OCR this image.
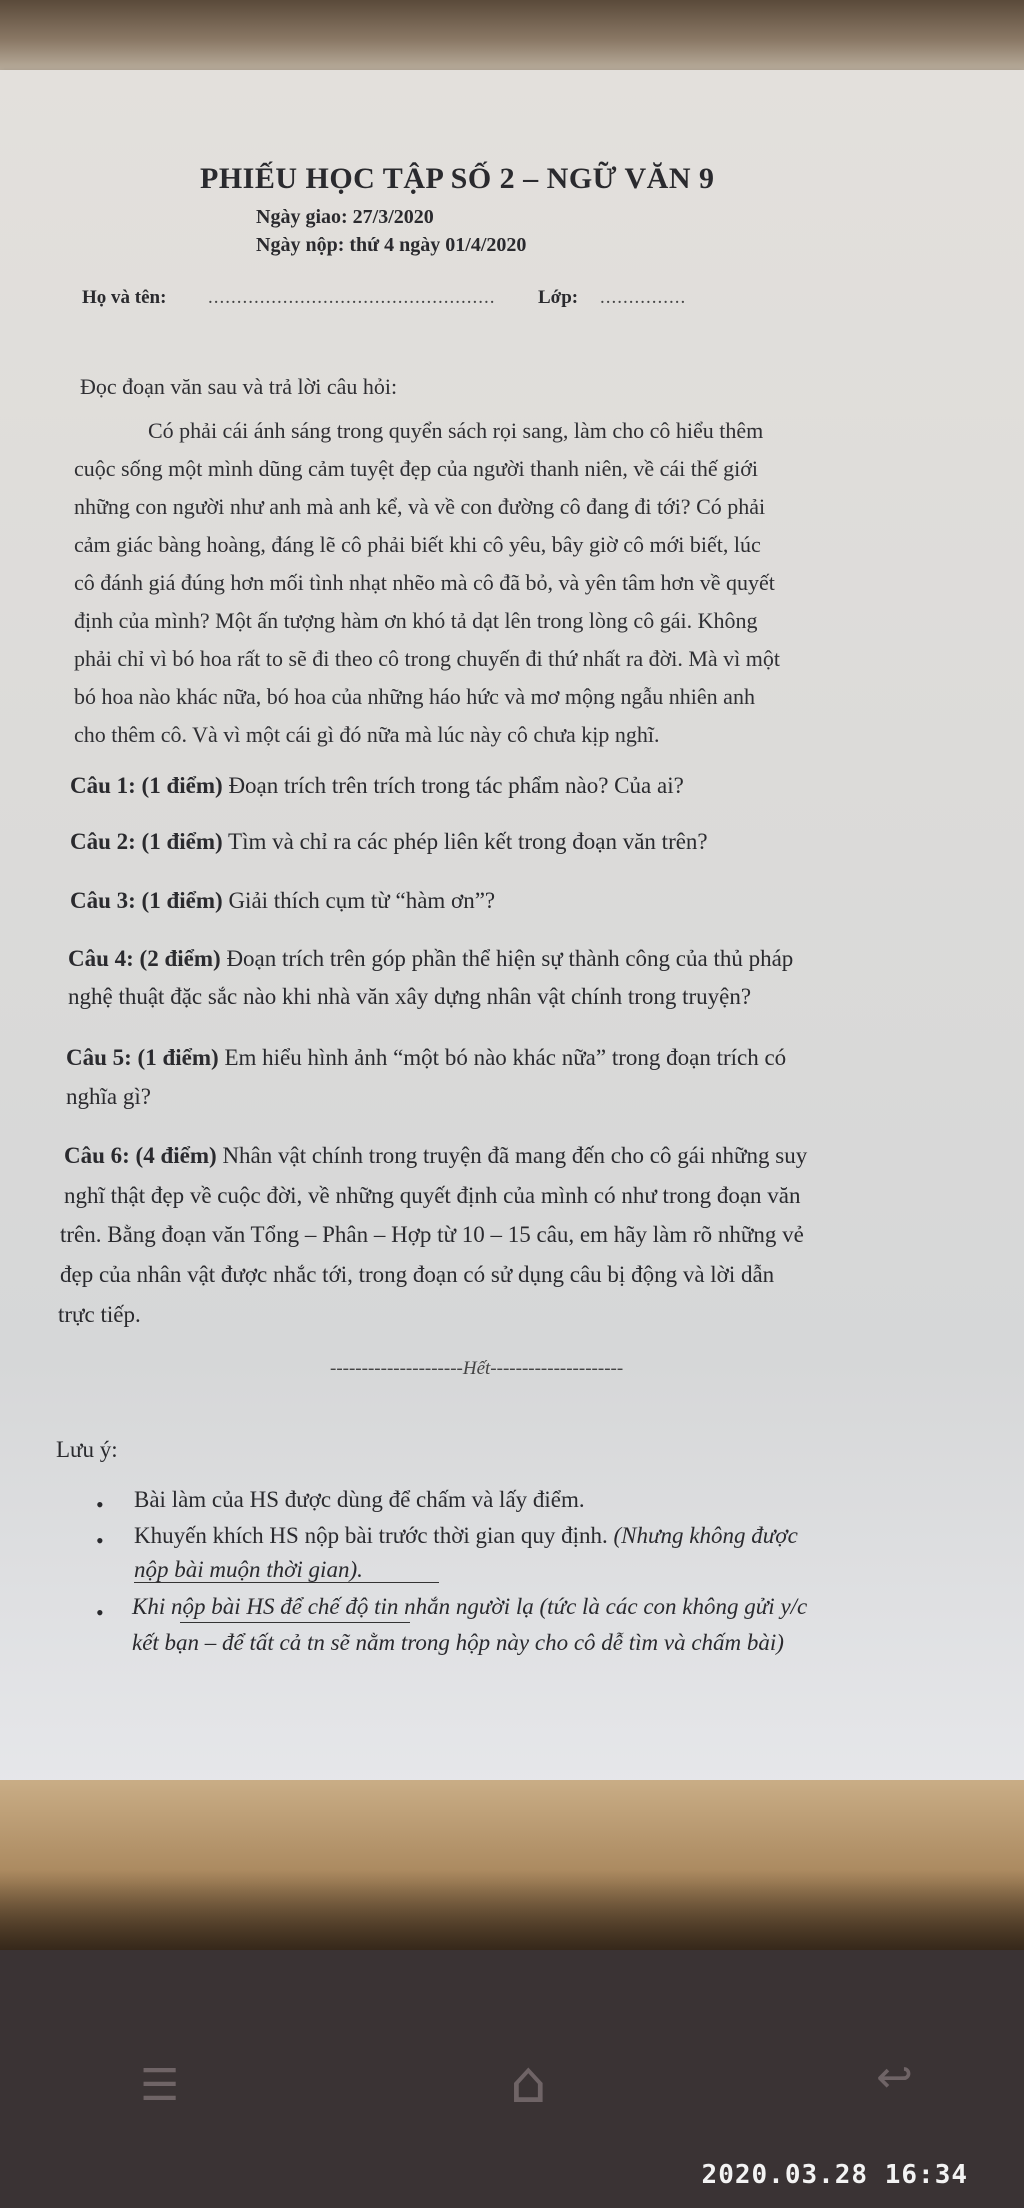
PHIẾU HỌC TẬP SỐ 2 – NGỮ VĂN 9
Ngày giao: 27/3/2020
Ngày nộp: thứ 4 ngày 01/4/2020
Họ và tên: .................................................. Lớp: ...............
Đọc đoạn văn sau và trả lời câu hỏi:
Có phải cái ánh sáng trong quyển sách rọi sang, làm cho cô hiểu thêm
cuộc sống một mình dũng cảm tuyệt đẹp của người thanh niên, về cái thế giới
những con người như anh mà anh kể, và về con đường cô đang đi tới? Có phải
cảm giác bàng hoàng, đáng lẽ cô phải biết khi cô yêu, bây giờ cô mới biết, lúc
cô đánh giá đúng hơn mối tình nhạt nhẽo mà cô đã bỏ, và yên tâm hơn về quyết
định của mình? Một ấn tượng hàm ơn khó tả dạt lên trong lòng cô gái. Không
phải chỉ vì bó hoa rất to sẽ đi theo cô trong chuyến đi thứ nhất ra đời. Mà vì một
bó hoa nào khác nữa, bó hoa của những háo hức và mơ mộng ngẫu nhiên anh
cho thêm cô. Và vì một cái gì đó nữa mà lúc này cô chưa kịp nghĩ.
Câu 1: (1 điểm) Đoạn trích trên trích trong tác phẩm nào? Của ai?
Câu 2: (1 điểm) Tìm và chỉ ra các phép liên kết trong đoạn văn trên?
Câu 3: (1 điểm) Giải thích cụm từ “hàm ơn”?
Câu 4: (2 điểm) Đoạn trích trên góp phần thể hiện sự thành công của thủ pháp
nghệ thuật đặc sắc nào khi nhà văn xây dựng nhân vật chính trong truyện?
Câu 5: (1 điểm) Em hiểu hình ảnh “một bó nào khác nữa” trong đoạn trích có
nghĩa gì?
Câu 6: (4 điểm) Nhân vật chính trong truyện đã mang đến cho cô gái những suy
nghĩ thật đẹp về cuộc đời, về những quyết định của mình có như trong đoạn văn
trên. Bằng đoạn văn Tổng – Phân – Hợp từ 10 – 15 câu, em hãy làm rõ những vẻ
đẹp của nhân vật được nhắc tới, trong đoạn có sử dụng câu bị động và lời dẫn
trực tiếp.
---------------------Hết---------------------
Lưu ý:
• Bài làm của HS được dùng để chấm và lấy điểm.
• Khuyến khích HS nộp bài trước thời gian quy định. (Nhưng không được
nộp bài muộn thời gian).
• Khi nộp bài HS để chế độ tin nhắn người lạ (tức là các con không gửi y/c
kết bạn – để tất cả tn sẽ nằm trong hộp này cho cô dễ tìm và chấm bài)
☰	⌂	↩
2020.03.28 16:34
